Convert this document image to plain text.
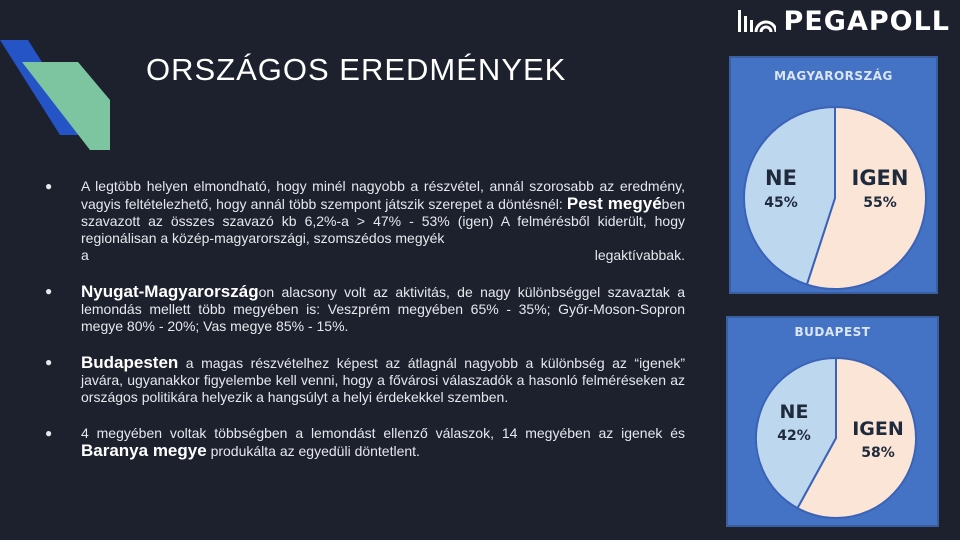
PEGAPOLL
ORSZÁGOS EREDMÉNYEK
● A legtöbb helyen elmondható, hogy minél nagyobb a részvétel, annál szorosabb az eredmény, vagyis feltételezhető, hogy annál több szempont játszik szerepet a döntésnél: Pest megyében szavazott az összes szavazó kb 6,2%-a > 47% - 53% (igen) A felmérésből kiderült, hogy regionálisan a közép-magyarországi, szomszédos megyék
a	legaktívabbak.
● Nyugat-Magyarországon alacsony volt az aktivitás, de nagy különbséggel szavaztak a lemondás mellett több megyében is: Veszprém megyében 65% - 35%; Győr-Moson-Sopron megye 80% - 20%; Vas megye 85% - 15%.
● Budapesten a magas részvételhez képest az átlagnál nagyobb a különbség az “igenek” javára, ugyanakkor figyelembe kell venni, hogy a fővárosi válaszadók a hasonló felméréseken az országos politikára helyezik a hangsúlyt a helyi érdekekkel szemben.
● 4 megyében voltak többségben a lemondást ellenző válaszok, 14 megyében az igenek és Baranya megye produkálta az egyedüli döntetlent.
MAGYARORSZÁG
IGEN
55%
NE
45%
BUDAPEST
IGEN
58%
NE
42%
